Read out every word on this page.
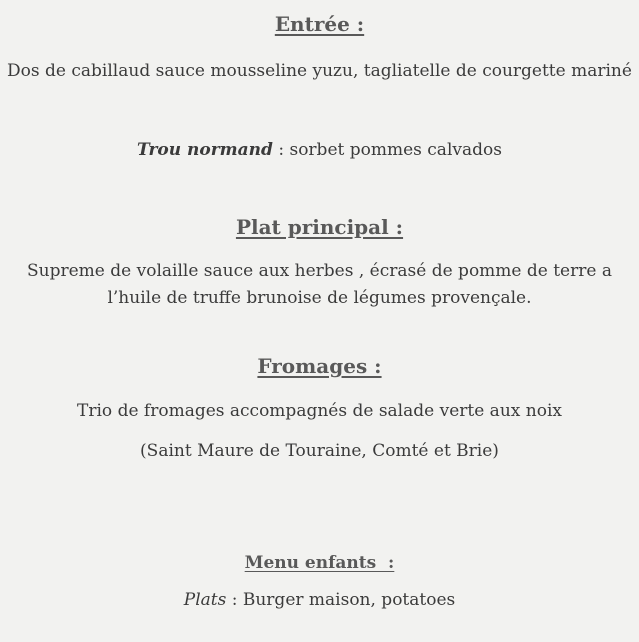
Entrée :

Dos de cabillaud sauce mousseline yuzu, tagliatelle de courgette mariné

Trou normand : sorbet pommes calvados

Plat principal :

Supreme de volaille sauce aux herbes , écrasé de pomme de terre a l’huile de truffe brunoise de légumes provençale.

Fromages :

Trio de fromages accompagnés de salade verte aux noix

(Saint Maure de Touraine, Comté et Brie)

Menu enfants  :

Plats : Burger maison, potatoes
